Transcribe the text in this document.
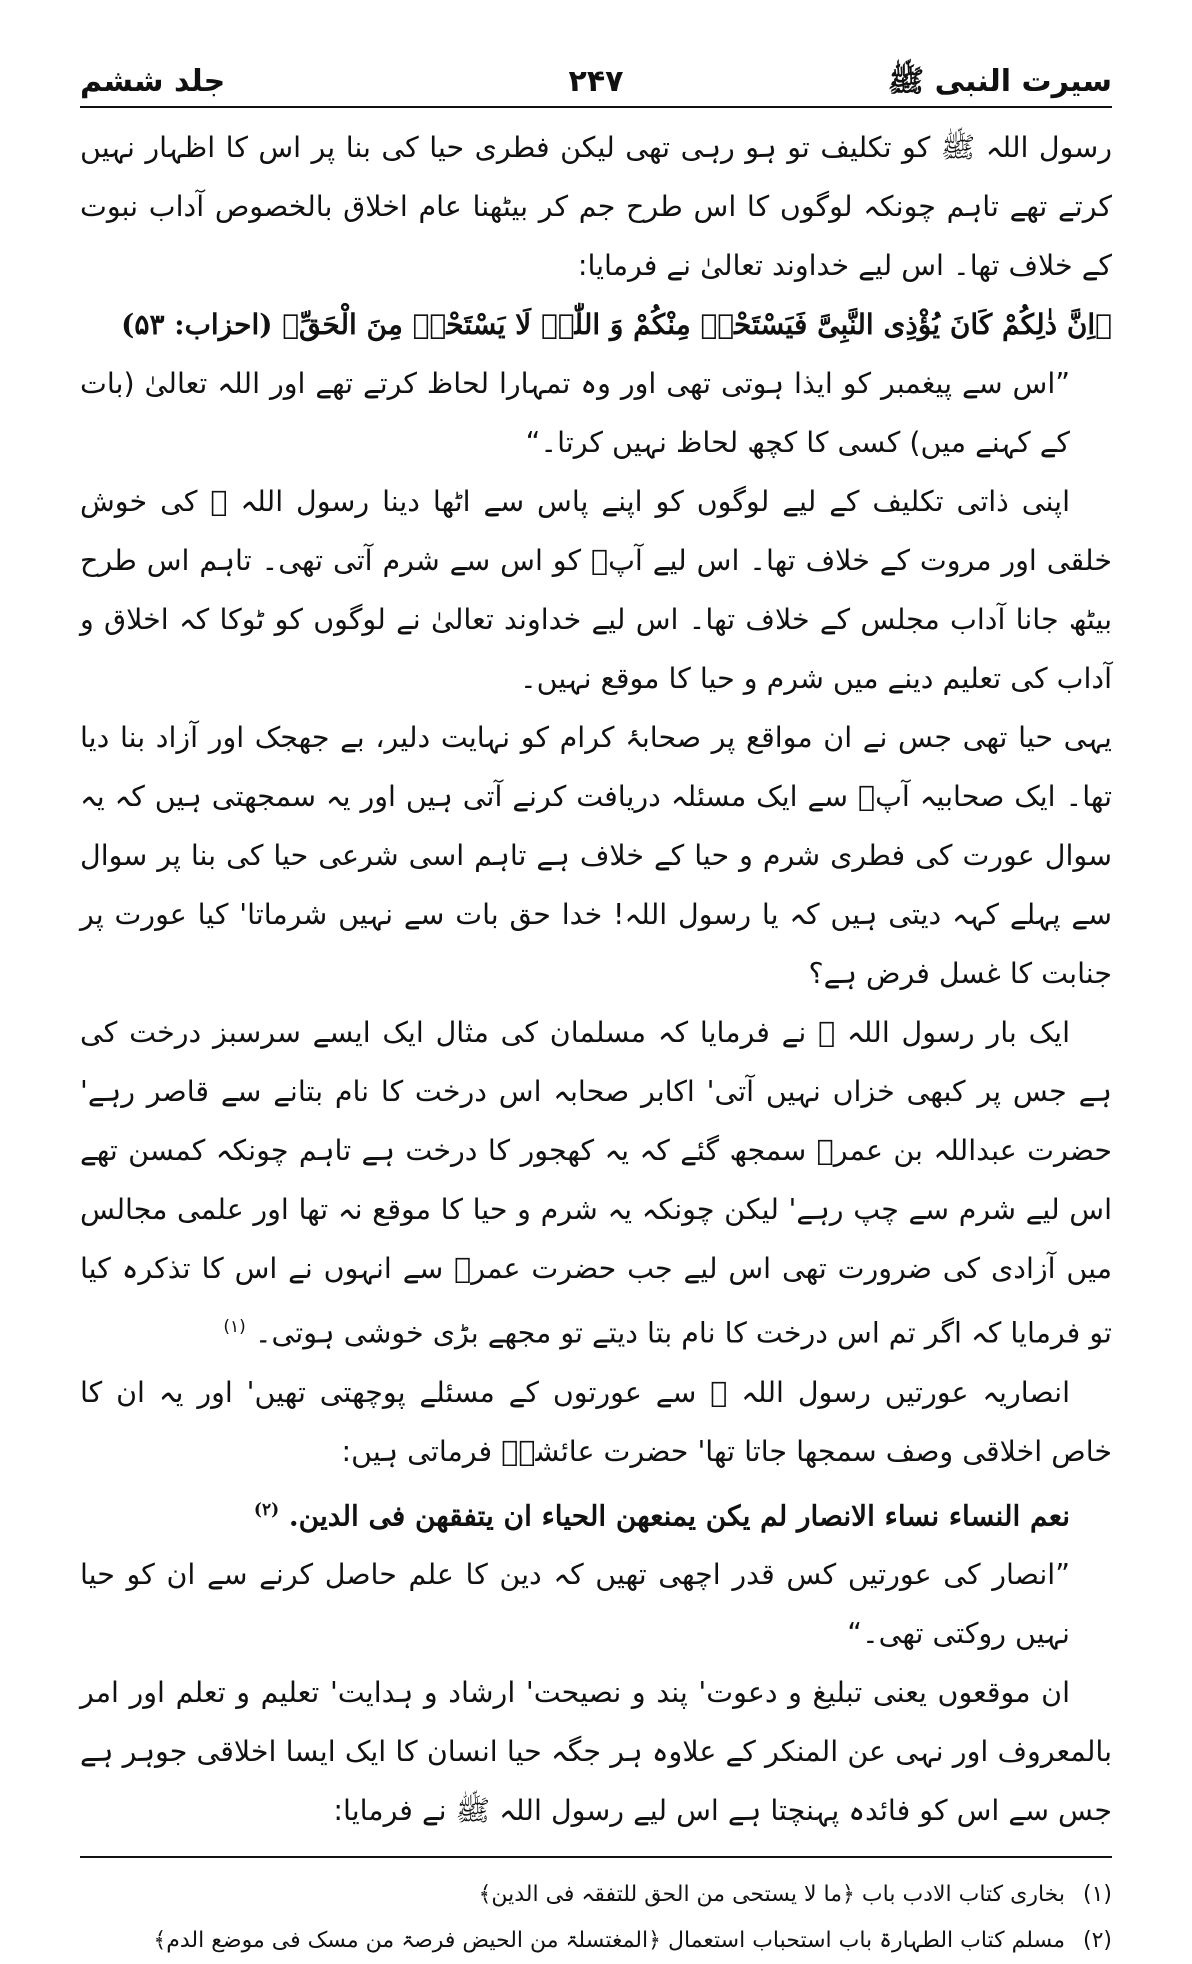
سیرت النبی ﷺ
۲۴۷
جلد ششم

رسول اللہ ﷺ کو تکلیف تو ہو رہی تھی لیکن فطری حیا کی بنا پر اس کا اظہار نہیں کرتے تھے تاہم چونکہ لوگوں کا اس طرح جم کر بیٹھنا عام اخلاق بالخصوص آداب نبوت کے خلاف تھا۔ اس لیے خداوند تعالیٰ نے فرمایا:

﴿اِنَّ ذٰلِکُمْ کَانَ یُؤْذِی النَّبِیَّ فَیَسْتَحْیٖ مِنْکُمْ وَ اللّٰہُ لَا یَسْتَحْیٖ مِنَ الْحَقِّ﴾ (احزاب: ۵۳)

”اس سے پیغمبر کو ایذا ہوتی تھی اور وہ تمہارا لحاظ کرتے تھے اور اللہ تعالیٰ (بات کے کہنے میں) کسی کا کچھ لحاظ نہیں کرتا۔“

اپنی ذاتی تکلیف کے لیے لوگوں کو اپنے پاس سے اٹھا دینا رسول اللہ ﷺ کی خوش خلقی اور مروت کے خلاف تھا۔ اس لیے آپؐ کو اس سے شرم آتی تھی۔ تاہم اس طرح بیٹھ جانا آداب مجلس کے خلاف تھا۔ اس لیے خداوند تعالیٰ نے لوگوں کو ٹوکا کہ اخلاق و آداب کی تعلیم دینے میں شرم و حیا کا موقع نہیں۔

یہی حیا تھی جس نے ان مواقع پر صحابۂ کرام کو نہایت دلیر، بے جھجک اور آزاد بنا دیا تھا۔ ایک صحابیہ آپؐ سے ایک مسئلہ دریافت کرنے آتی ہیں اور یہ سمجھتی ہیں کہ یہ سوال عورت کی فطری شرم و حیا کے خلاف ہے تاہم اسی شرعی حیا کی بنا پر سوال سے پہلے کہہ دیتی ہیں کہ یا رسول اللہ! خدا حق بات سے نہیں شرماتا' کیا عورت پر جنابت کا غسل فرض ہے؟

ایک بار رسول اللہ ﷺ نے فرمایا کہ مسلمان کی مثال ایک ایسے سرسبز درخت کی ہے جس پر کبھی خزاں نہیں آتی' اکابر صحابہ اس درخت کا نام بتانے سے قاصر رہے' حضرت عبداللہ بن عمرؓ سمجھ گئے کہ یہ کھجور کا درخت ہے تاہم چونکہ کمسن تھے اس لیے شرم سے چپ رہے' لیکن چونکہ یہ شرم و حیا کا موقع نہ تھا اور علمی مجالس میں آزادی کی ضرورت تھی اس لیے جب حضرت عمرؓ سے انہوں نے اس کا تذکرہ کیا تو فرمایا کہ اگر تم اس درخت کا نام بتا دیتے تو مجھے بڑی خوشی ہوتی۔ $^{(۱)}$

انصاریہ عورتیں رسول اللہ ﷺ سے عورتوں کے مسئلے پوچھتی تھیں' اور یہ ان کا خاص اخلاقی وصف سمجھا جاتا تھا' حضرت عائشہؓ فرماتی ہیں:

نعم النساء نساء الانصار لم یکن یمنعھن الحیاء ان یتفقھن فی الدین. $^{(۲)}$

”انصار کی عورتیں کس قدر اچھی تھیں کہ دین کا علم حاصل کرنے سے ان کو حیا نہیں روکتی تھی۔“

ان موقعوں یعنی تبلیغ و دعوت' پند و نصیحت' ارشاد و ہدایت' تعلیم و تعلم اور امر بالمعروف اور نہی عن المنکر کے علاوہ ہر جگہ حیا انسان کا ایک ایسا اخلاقی جوہر ہے جس سے اس کو فائدہ پہنچتا ہے اس لیے رسول اللہ ﷺ نے فرمایا:

(۱) بخاری کتاب الادب باب ﴿ما لا یستحی من الحق للتفقہ فی الدین﴾

(۲) مسلم کتاب الطہارۃ باب استحباب استعمال ﴿المغتسلۃ من الحیض فرصۃ من مسک فی موضع الدم﴾
